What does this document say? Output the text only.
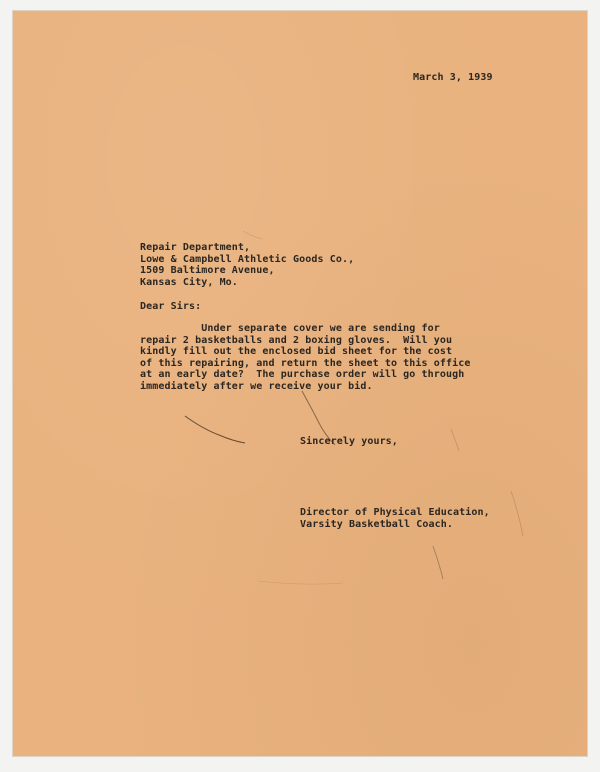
March 3, 1939
Repair Department,
Lowe & Campbell Athletic Goods Co.,
1509 Baltimore Avenue,
Kansas City, Mo.
Dear Sirs:
Under separate cover we are sending for
repair 2 basketballs and 2 boxing gloves.  Will you
kindly fill out the enclosed bid sheet for the cost
of this repairing, and return the sheet to this office
at an early date?  The purchase order will go through
immediately after we receive your bid.
Sincerely yours,
Director of Physical Education,
Varsity Basketball Coach.
